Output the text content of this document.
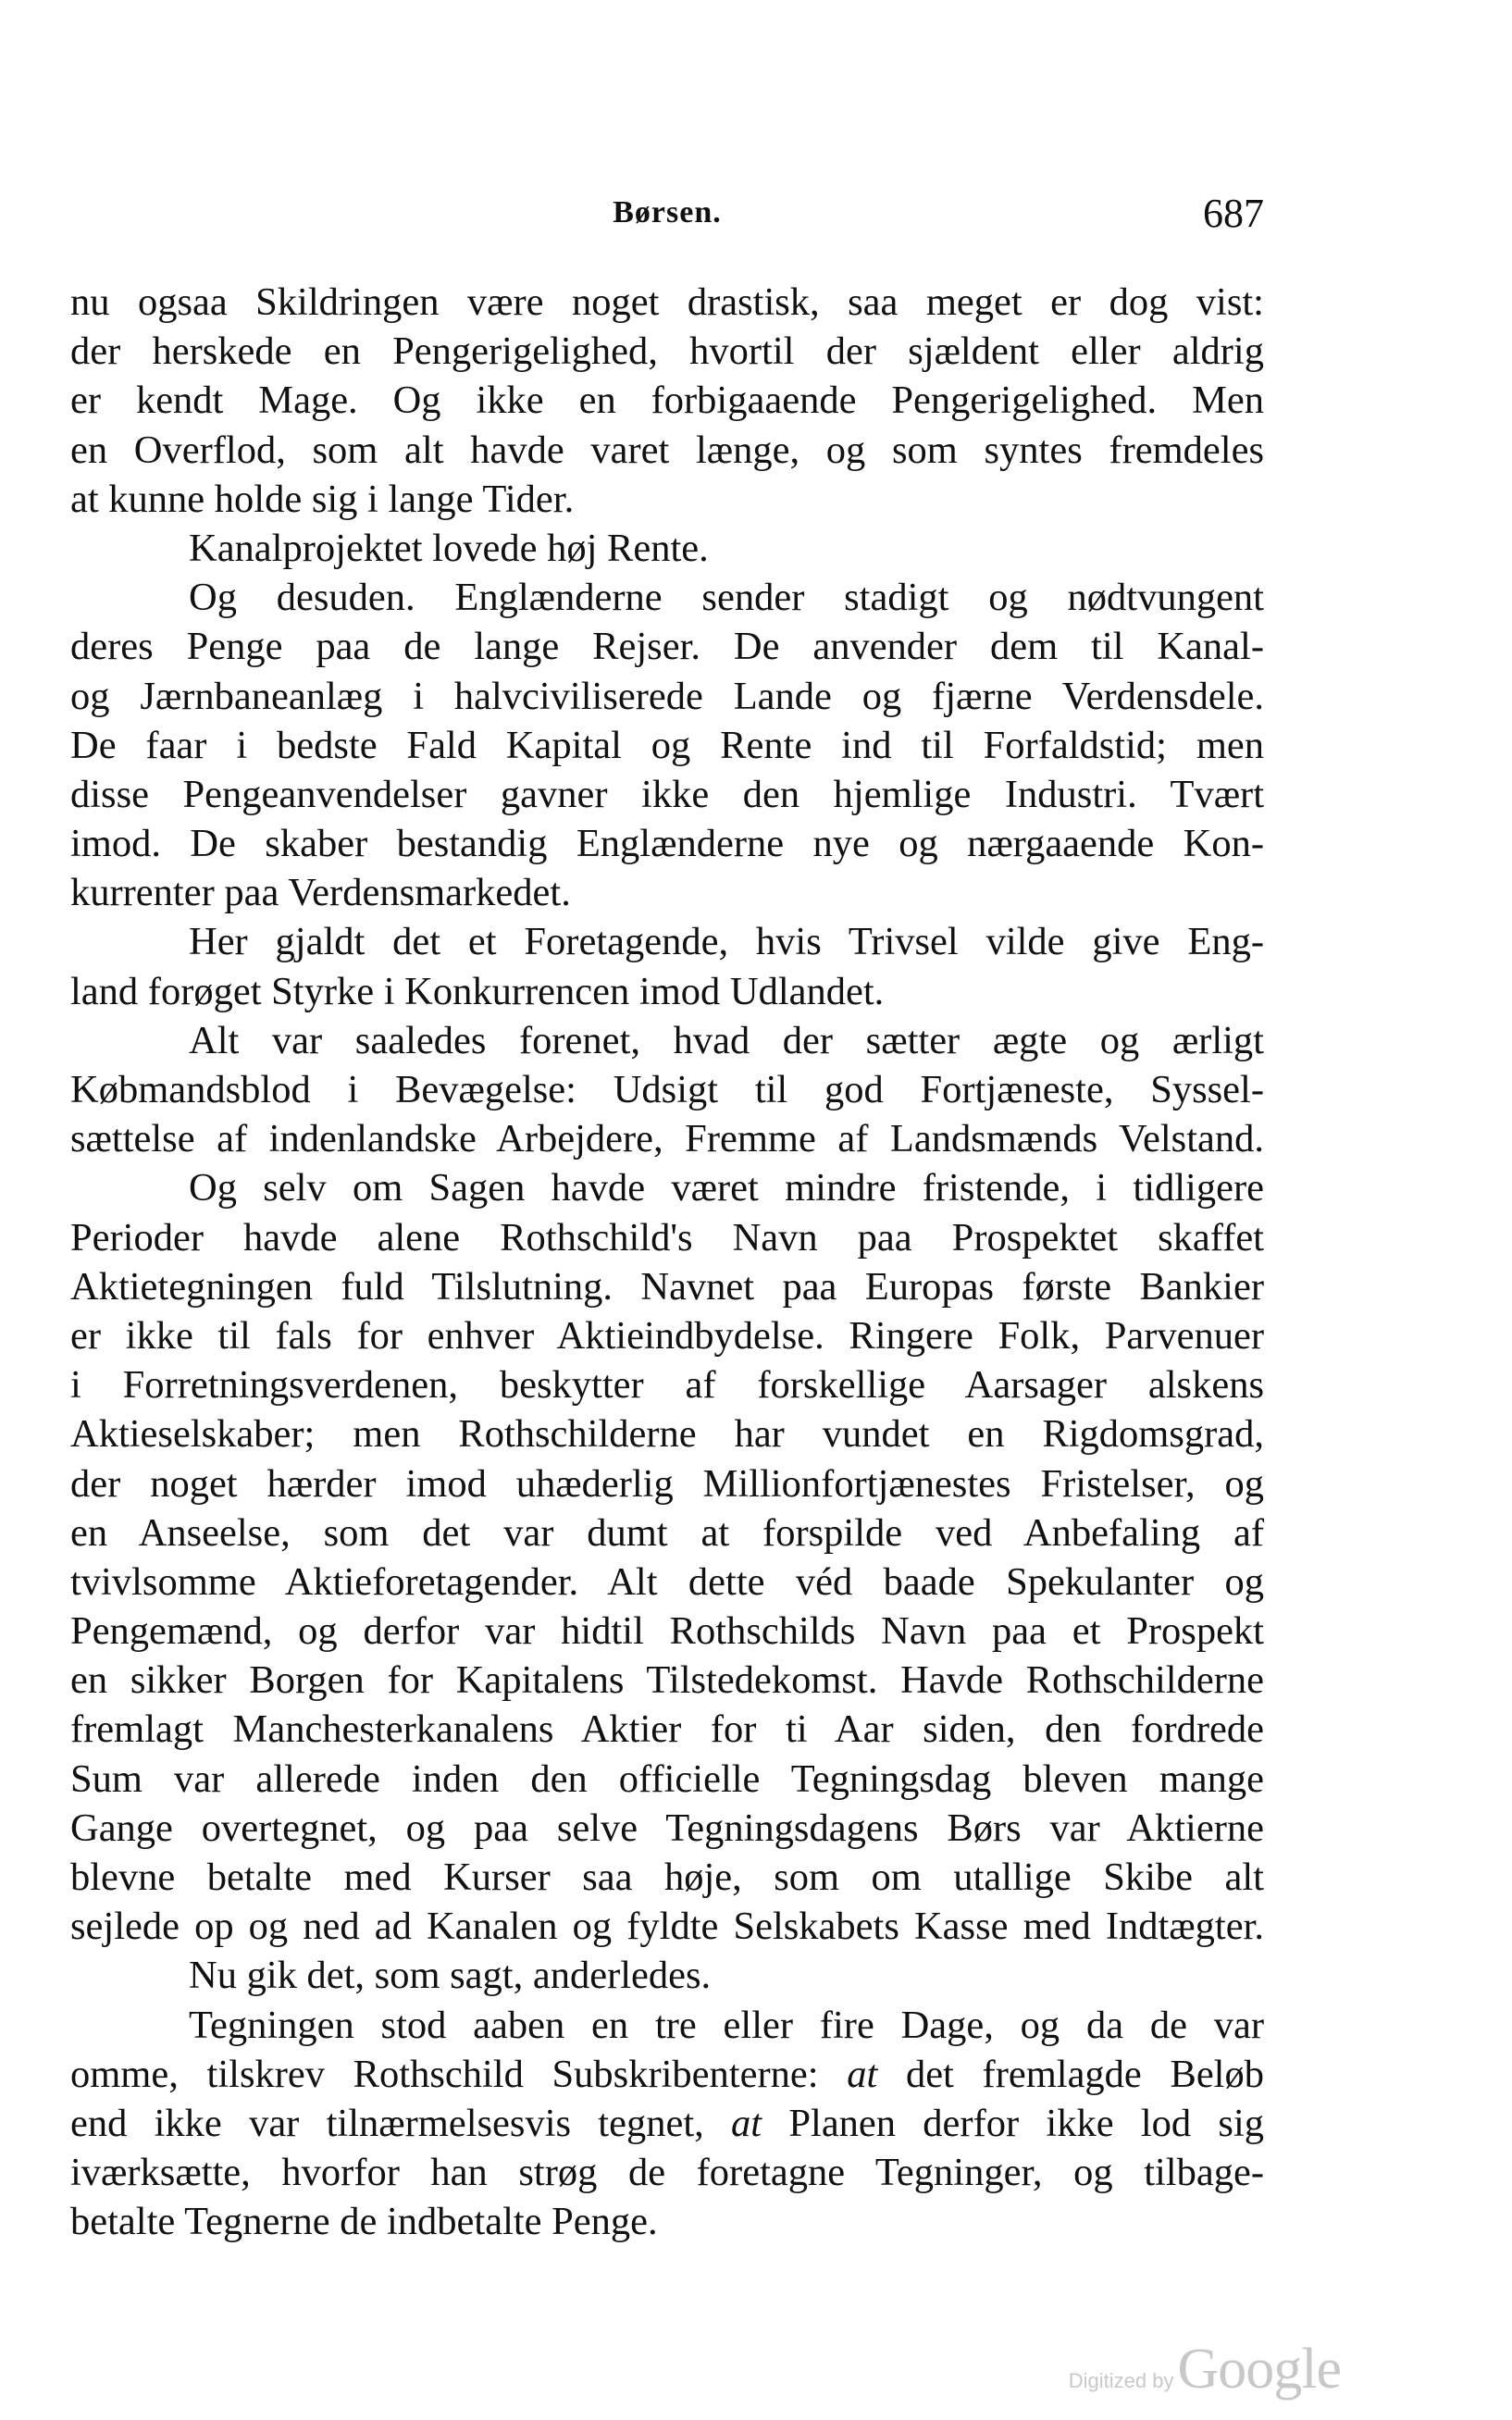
Børsen.	687
nu ogsaa Skildringen være noget drastisk, saa meget er dog vist:
der herskede en Pengerigelighed, hvortil der sjældent eller aldrig
er kendt Mage. Og ikke en forbigaaende Pengerigelighed. Men
en Overflod, som alt havde varet længe, og som syntes fremdeles
at kunne holde sig i lange Tider.
Kanalprojektet lovede høj Rente.
Og desuden. Englænderne sender stadigt og nødtvungent
deres Penge paa de lange Rejser. De anvender dem til Kanal-
og Jærnbaneanlæg i halvciviliserede Lande og fjærne Verdensdele.
De faar i bedste Fald Kapital og Rente ind til Forfaldstid; men
disse Pengeanvendelser gavner ikke den hjemlige Industri. Tvært
imod. De skaber bestandig Englænderne nye og nærgaaende Kon-
kurrenter paa Verdensmarkedet.
Her gjaldt det et Foretagende, hvis Trivsel vilde give Eng-
land forøget Styrke i Konkurrencen imod Udlandet.
Alt var saaledes forenet, hvad der sætter ægte og ærligt
Købmandsblod i Bevægelse: Udsigt til god Fortjæneste, Syssel-
sættelse af indenlandske Arbejdere, Fremme af Landsmænds Velstand.
Og selv om Sagen havde været mindre fristende, i tidligere
Perioder havde alene Rothschild's Navn paa Prospektet skaffet
Aktietegningen fuld Tilslutning. Navnet paa Europas første Bankier
er ikke til fals for enhver Aktieindbydelse. Ringere Folk, Parvenuer
i Forretningsverdenen, beskytter af forskellige Aarsager alskens
Aktieselskaber; men Rothschilderne har vundet en Rigdomsgrad,
der noget hærder imod uhæderlig Millionfortjænestes Fristelser, og
en Anseelse, som det var dumt at forspilde ved Anbefaling af
tvivlsomme Aktieforetagender. Alt dette véd baade Spekulanter og
Pengemænd, og derfor var hidtil Rothschilds Navn paa et Prospekt
en sikker Borgen for Kapitalens Tilstedekomst. Havde Rothschilderne
fremlagt Manchesterkanalens Aktier for ti Aar siden, den fordrede
Sum var allerede inden den officielle Tegningsdag bleven mange
Gange overtegnet, og paa selve Tegningsdagens Børs var Aktierne
blevne betalte med Kurser saa høje, som om utallige Skibe alt
sejlede op og ned ad Kanalen og fyldte Selskabets Kasse med Indtægter.
Nu gik det, som sagt, anderledes.
Tegningen stod aaben en tre eller fire Dage, og da de var
omme, tilskrev Rothschild Subskribenterne: at det fremlagde Beløb
end ikke var tilnærmelsesvis tegnet, at Planen derfor ikke lod sig
iværksætte, hvorfor han strøg de foretagne Tegninger, og tilbage-
betalte Tegnerne de indbetalte Penge.
Digitized by Google
